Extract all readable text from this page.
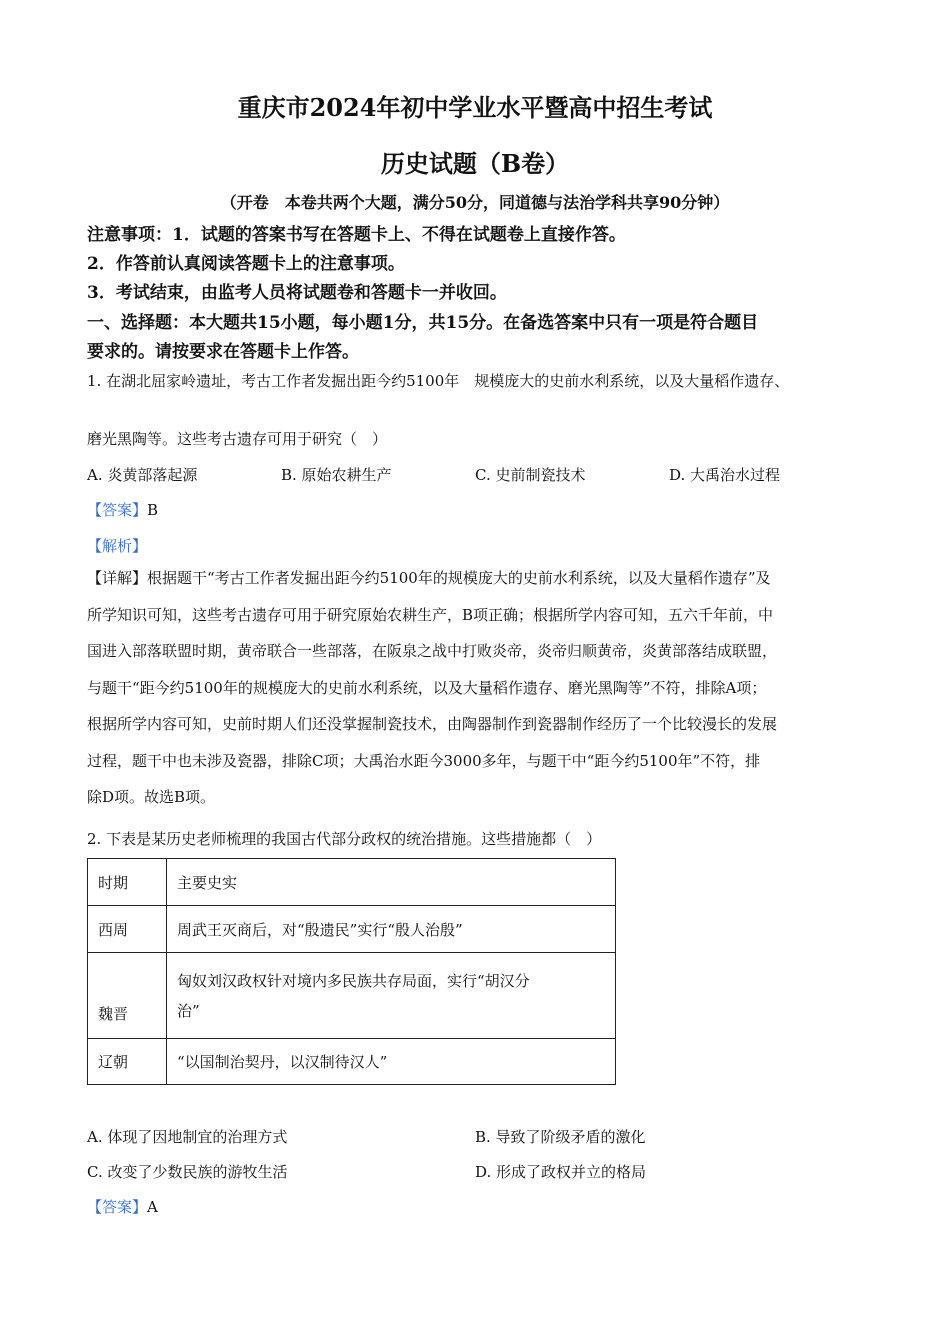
重庆市2024年初中学业水平暨高中招生考试
历史试题（B卷）
（开卷　本卷共两个大题，满分50分，同道德与法治学科共享90分钟）
注意事项：1．试题的答案书写在答题卡上、不得在试题卷上直接作答。
2．作答前认真阅读答题卡上的注意事项。
3．考试结束，由监考人员将试题卷和答题卡一并收回。
一、选择题：本大题共15小题，每小题1分，共15分。在备选答案中只有一项是符合题目
要求的。请按要求在答题卡上作答。
1. 在湖北屈家岭遗址，考古工作者发掘出距今约5100年　规模庞大的史前水利系统，以及大量稻作遗存、
磨光黑陶等。这些考古遗存可用于研究（　）
A. 炎黄部落起源	B. 原始农耕生产	C. 史前制瓷技术	D. 大禹治水过程
【答案】B
【解析】

【详解】根据题干“考古工作者发掘出距今约5100年的规模庞大的史前水利系统，以及大量稻作遗存”及

所学知识可知，这些考古遗存可用于研究原始农耕生产，B项正确；根据所学内容可知，五六千年前，中

国进入部落联盟时期，黄帝联合一些部落，在阪泉之战中打败炎帝，炎帝归顺黄帝，炎黄部落结成联盟，

与题干“距今约5100年的规模庞大的史前水利系统，以及大量稻作遗存、磨光黑陶等”不符，排除A项；

根据所学内容可知，史前时期人们还没掌握制瓷技术，由陶器制作到瓷器制作经历了一个比较漫长的发展

过程，题干中也未涉及瓷器，排除C项；大禹治水距今3000多年，与题干中“距今约5100年”不符，排

除D项。故选B项。

2. 下表是某历史老师梳理的我国古代部分政权的统治措施。这些措施都（　）
时期	主要史实
西周	周武王灭商后，对“殷遗民”实行“殷人治殷”
魏晋	匈奴刘汉政权针对境内多民族共存局面，实行“胡汉分
治”

辽朝	“以国制治契丹，以汉制待汉人”
A. 体现了因地制宜的治理方式	B. 导致了阶级矛盾的激化
C. 改变了少数民族的游牧生活	D. 形成了政权并立的格局
【答案】A
